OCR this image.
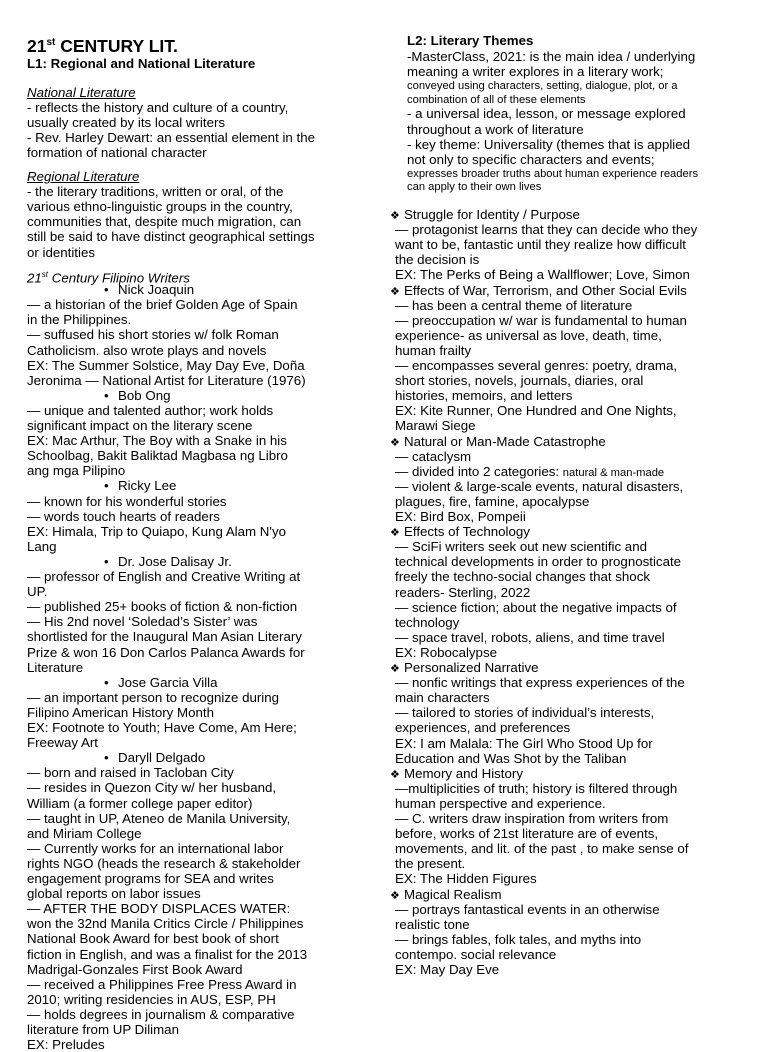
21st CENTURY LIT.
L1: Regional and National Literature
National Literature
- reflects the history and culture of a country,
usually created by its local writers
- Rev. Harley Dewart: an essential element in the
formation of national character
Regional Literature
- the literary traditions, written or oral, of the
various ethno-linguistic groups in the country,
communities that, despite much migration, can
still be said to have distinct geographical settings
or identities
21st Century Filipino Writers
• Nick Joaquin
— a historian of the brief Golden Age of Spain
in the Philippines.
— suffused his short stories w/ folk Roman
Catholicism. also wrote plays and novels
EX: The Summer Solstice, May Day Eve, Doña
Jeronima — National Artist for Literature (1976)
• Bob Ong
— unique and talented author; work holds
significant impact on the literary scene
EX: Mac Arthur, The Boy with a Snake in his
Schoolbag, Bakit Baliktad Magbasa ng Libro
ang mga Pilipino
• Ricky Lee
— known for his wonderful stories
— words touch hearts of readers
EX: Himala, Trip to Quiapo, Kung Alam N'yo
Lang
• Dr. Jose Dalisay Jr.
— professor of English and Creative Writing at
UP.
— published 25+ books of fiction & non-fiction
— His 2nd novel ‘Soledad’s Sister’ was
shortlisted for the Inaugural Man Asian Literary
Prize & won 16 Don Carlos Palanca Awards for
Literature
• Jose Garcia Villa
— an important person to recognize during
Filipino American History Month
EX: Footnote to Youth; Have Come, Am Here;
Freeway Art
• Daryll Delgado
— born and raised in Tacloban City
— resides in Quezon City w/ her husband,
William (a former college paper editor)
— taught in UP, Ateneo de Manila University,
and Miriam College
— Currently works for an international labor
rights NGO (heads the research & stakeholder
engagement programs for SEA and writes
global reports on labor issues
— AFTER THE BODY DISPLACES WATER:
won the 32nd Manila Critics Circle / Philippines
National Book Award for best book of short
fiction in English, and was a finalist for the 2013
Madrigal-Gonzales First Book Award
— received a Philippines Free Press Award in
2010; writing residencies in AUS, ESP, PH
— holds degrees in journalism & comparative
literature from UP Diliman
EX: Preludes
L2: Literary Themes
-MasterClass, 2021: is the main idea / underlying
meaning a writer explores in a literary work;
conveyed using characters, setting, dialogue, plot, or a
combination of all of these elements
- a universal idea, lesson, or message explored
throughout a work of literature
- key theme: Universality (themes that is applied
not only to specific characters and events;
expresses broader truths about human experience readers
can apply to their own lives
❖ Struggle for Identity / Purpose
— protagonist learns that they can decide who they
want to be, fantastic until they realize how difficult
the decision is
EX: The Perks of Being a Wallflower; Love, Simon
❖ Effects of War, Terrorism, and Other Social Evils
— has been a central theme of literature
— preoccupation w/ war is fundamental to human
experience- as universal as love, death, time,
human frailty
— encompasses several genres: poetry, drama,
short stories, novels, journals, diaries, oral
histories, memoirs, and letters
EX: Kite Runner, One Hundred and One Nights,
Marawi Siege
❖ Natural or Man-Made Catastrophe
— cataclysm
— divided into 2 categories: natural & man-made
— violent & large-scale events, natural disasters,
plagues, fire, famine, apocalypse
EX: Bird Box, Pompeii
❖ Effects of Technology
— SciFi writers seek out new scientific and
technical developments in order to prognosticate
freely the techno-social changes that shock
readers- Sterling, 2022
— science fiction; about the negative impacts of
technology
— space travel, robots, aliens, and time travel
EX: Robocalypse
❖ Personalized Narrative
— nonfic writings that express experiences of the
main characters
— tailored to stories of individual’s interests,
experiences, and preferences
EX: I am Malala: The Girl Who Stood Up for
Education and Was Shot by the Taliban
❖ Memory and History
—multiplicities of truth; history is filtered through
human perspective and experience.
— C. writers draw inspiration from writers from
before, works of 21st literature are of events,
movements, and lit. of the past , to make sense of
the present.
EX: The Hidden Figures
❖ Magical Realism
— portrays fantastical events in an otherwise
realistic tone
— brings fables, folk tales, and myths into
contempo. social relevance
EX: May Day Eve
